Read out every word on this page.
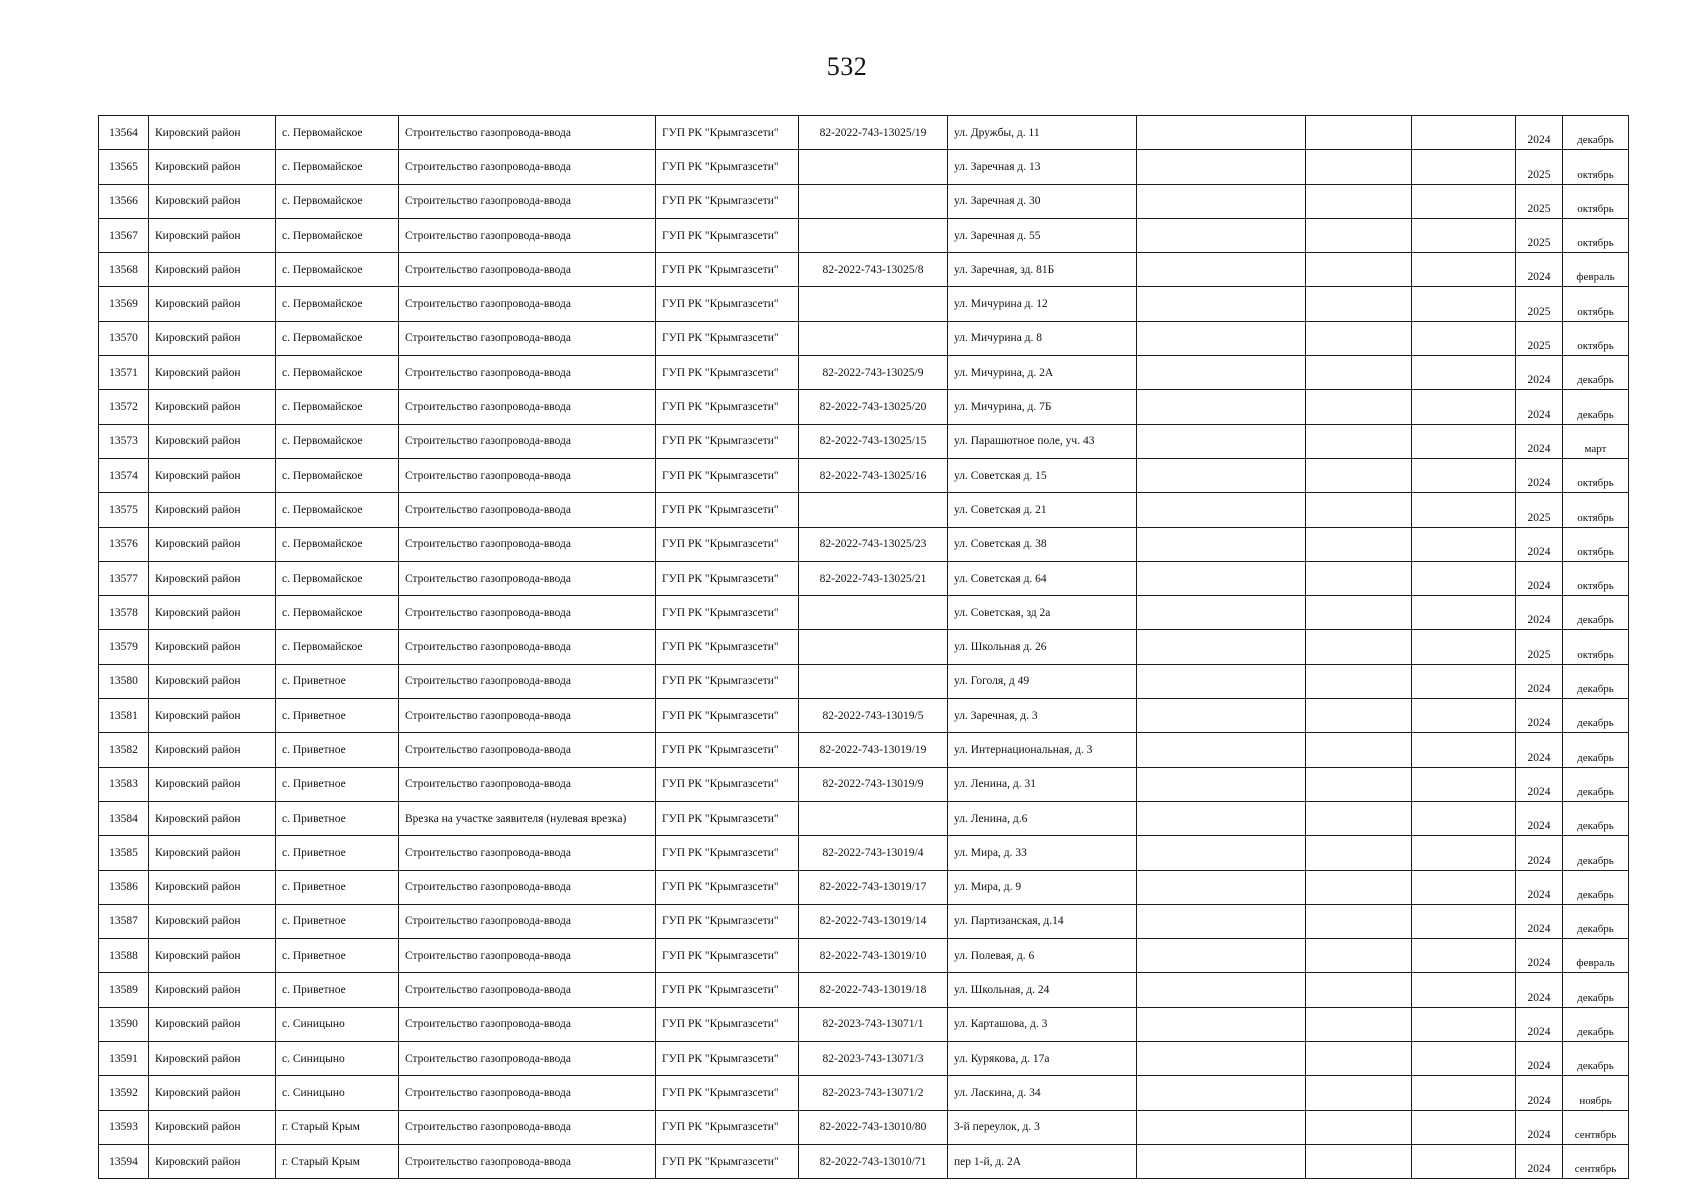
532
13564	Кировский район	с. Первомайское	Строительство газопровода-ввода	ГУП РК "Крымгазсети"	82-2022-743-13025/19	ул. Дружбы, д. 11				2024	декабрь
13565	Кировский район	с. Первомайское	Строительство газопровода-ввода	ГУП РК "Крымгазсети"		ул. Заречная д. 13				2025	октябрь
13566	Кировский район	с. Первомайское	Строительство газопровода-ввода	ГУП РК "Крымгазсети"		ул. Заречная д. 30				2025	октябрь
13567	Кировский район	с. Первомайское	Строительство газопровода-ввода	ГУП РК "Крымгазсети"		ул. Заречная д. 55				2025	октябрь
13568	Кировский район	с. Первомайское	Строительство газопровода-ввода	ГУП РК "Крымгазсети"	82-2022-743-13025/8	ул. Заречная, зд. 81Б				2024	февраль
13569	Кировский район	с. Первомайское	Строительство газопровода-ввода	ГУП РК "Крымгазсети"		ул. Мичурина д. 12				2025	октябрь
13570	Кировский район	с. Первомайское	Строительство газопровода-ввода	ГУП РК "Крымгазсети"		ул. Мичурина д. 8				2025	октябрь
13571	Кировский район	с. Первомайское	Строительство газопровода-ввода	ГУП РК "Крымгазсети"	82-2022-743-13025/9	ул. Мичурина, д. 2А				2024	декабрь
13572	Кировский район	с. Первомайское	Строительство газопровода-ввода	ГУП РК "Крымгазсети"	82-2022-743-13025/20	ул. Мичурина, д. 7Б				2024	декабрь
13573	Кировский район	с. Первомайское	Строительство газопровода-ввода	ГУП РК "Крымгазсети"	82-2022-743-13025/15	ул. Парашютное поле, уч. 43				2024	март
13574	Кировский район	с. Первомайское	Строительство газопровода-ввода	ГУП РК "Крымгазсети"	82-2022-743-13025/16	ул. Советская д. 15				2024	октябрь
13575	Кировский район	с. Первомайское	Строительство газопровода-ввода	ГУП РК "Крымгазсети"		ул. Советская д. 21				2025	октябрь
13576	Кировский район	с. Первомайское	Строительство газопровода-ввода	ГУП РК "Крымгазсети"	82-2022-743-13025/23	ул. Советская д. 38				2024	октябрь
13577	Кировский район	с. Первомайское	Строительство газопровода-ввода	ГУП РК "Крымгазсети"	82-2022-743-13025/21	ул. Советская д. 64				2024	октябрь
13578	Кировский район	с. Первомайское	Строительство газопровода-ввода	ГУП РК "Крымгазсети"		ул. Советская, зд 2а				2024	декабрь
13579	Кировский район	с. Первомайское	Строительство газопровода-ввода	ГУП РК "Крымгазсети"		ул. Школьная д. 26				2025	октябрь
13580	Кировский район	с. Приветное	Строительство газопровода-ввода	ГУП РК "Крымгазсети"		ул. Гоголя, д 49				2024	декабрь
13581	Кировский район	с. Приветное	Строительство газопровода-ввода	ГУП РК "Крымгазсети"	82-2022-743-13019/5	ул. Заречная, д. 3				2024	декабрь
13582	Кировский район	с. Приветное	Строительство газопровода-ввода	ГУП РК "Крымгазсети"	82-2022-743-13019/19	ул. Интернациональная, д. 3				2024	декабрь
13583	Кировский район	с. Приветное	Строительство газопровода-ввода	ГУП РК "Крымгазсети"	82-2022-743-13019/9	ул. Ленина, д. 31				2024	декабрь
13584	Кировский район	с. Приветное	Врезка на участке заявителя (нулевая врезка)	ГУП РК "Крымгазсети"		ул. Ленина, д.6				2024	декабрь
13585	Кировский район	с. Приветное	Строительство газопровода-ввода	ГУП РК "Крымгазсети"	82-2022-743-13019/4	ул. Мира, д. 33				2024	декабрь
13586	Кировский район	с. Приветное	Строительство газопровода-ввода	ГУП РК "Крымгазсети"	82-2022-743-13019/17	ул. Мира, д. 9				2024	декабрь
13587	Кировский район	с. Приветное	Строительство газопровода-ввода	ГУП РК "Крымгазсети"	82-2022-743-13019/14	ул. Партизанская, д.14				2024	декабрь
13588	Кировский район	с. Приветное	Строительство газопровода-ввода	ГУП РК "Крымгазсети"	82-2022-743-13019/10	ул. Полевая, д. 6				2024	февраль
13589	Кировский район	с. Приветное	Строительство газопровода-ввода	ГУП РК "Крымгазсети"	82-2022-743-13019/18	ул. Школьная, д. 24				2024	декабрь
13590	Кировский район	с. Синицыно	Строительство газопровода-ввода	ГУП РК "Крымгазсети"	82-2023-743-13071/1	ул. Карташова, д. 3				2024	декабрь
13591	Кировский район	с. Синицыно	Строительство газопровода-ввода	ГУП РК "Крымгазсети"	82-2023-743-13071/3	ул. Курякова, д. 17а				2024	декабрь
13592	Кировский район	с. Синицыно	Строительство газопровода-ввода	ГУП РК "Крымгазсети"	82-2023-743-13071/2	ул. Ласкина, д. 34				2024	ноябрь
13593	Кировский район	г. Старый Крым	Строительство газопровода-ввода	ГУП РК "Крымгазсети"	82-2022-743-13010/80	3-й переулок, д. 3				2024	сентябрь
13594	Кировский район	г. Старый Крым	Строительство газопровода-ввода	ГУП РК "Крымгазсети"	82-2022-743-13010/71	пер 1-й, д. 2А				2024	сентябрь
